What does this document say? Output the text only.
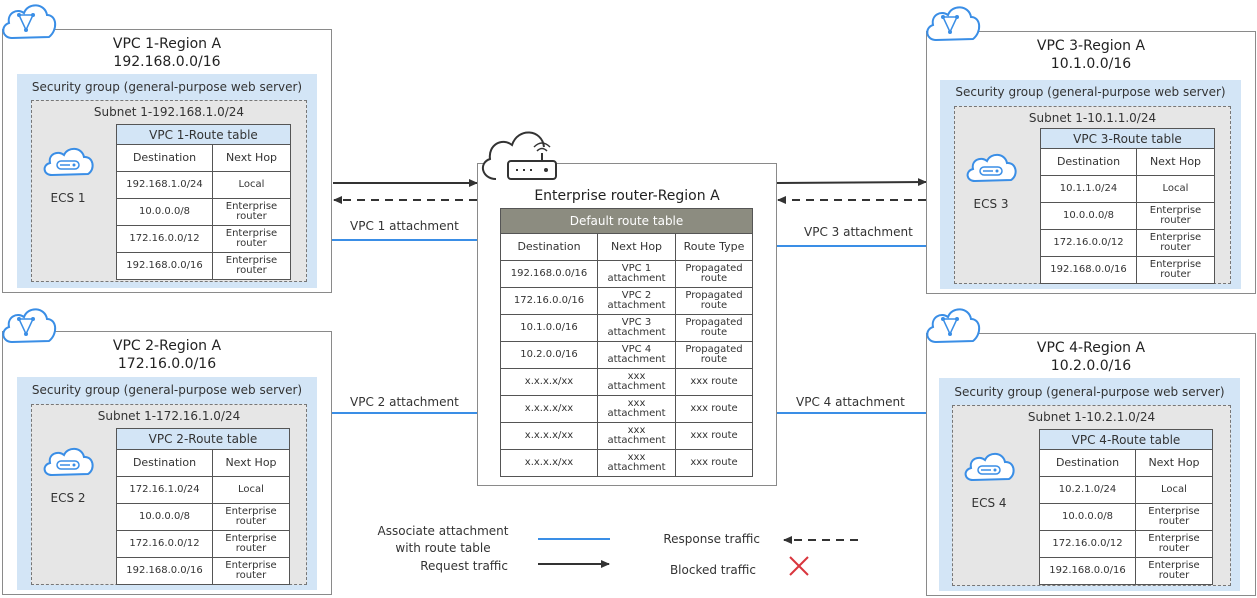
VPC 1-Region A
192.168.0.0/16
Security group (general-purpose web server)
Subnet 1-192.168.1.0/24
ECS 1
VPC 1-Route table	
Destination	Next Hop
192.168.1.0/24	Local
10.0.0.0/8	Enterprise router
172.16.0.0/12	Enterprise router
192.168.0.0/16	Enterprise router
VPC 2-Region A
172.16.0.0/16
Security group (general-purpose web server)
Subnet 1-172.16.1.0/24
ECS 2
VPC 2-Route table	
Destination	Next Hop
172.16.1.0/24	Local
10.0.0.0/8	Enterprise router
172.16.0.0/12	Enterprise router
192.168.0.0/16	Enterprise router
VPC 3-Region A
10.1.0.0/16
Security group (general-purpose web server)
Subnet 1-10.1.1.0/24
ECS 3
VPC 3-Route table	
Destination	Next Hop
10.1.1.0/24	Local
10.0.0.0/8	Enterprise router
172.16.0.0/12	Enterprise router
192.168.0.0/16	Enterprise router
VPC 4-Region A
10.2.0.0/16
Security group (general-purpose web server)
Subnet 1-10.2.1.0/24
ECS 4
VPC 4-Route table	
Destination	Next Hop
10.2.1.0/24	Local
10.0.0.0/8	Enterprise router
172.16.0.0/12	Enterprise router
192.168.0.0/16	Enterprise router
Enterprise router-Region A
Default route table		
Destination	Next Hop	Route Type
192.168.0.0/16	VPC 1 attachment	Propagated route
172.16.0.0/16	VPC 2 attachment	Propagated route
10.1.0.0/16	VPC 3 attachment	Propagated route
10.2.0.0/16	VPC 4 attachment	Propagated route
x.x.x.x/xx	xxx attachment	xxx route
x.x.x.x/xx	xxx attachment	xxx route
x.x.x.x/xx	xxx attachment	xxx route
x.x.x.x/xx	xxx attachment	xxx route
VPC 1 attachment
VPC 2 attachment
VPC 3 attachment
VPC 4 attachment
Associate attachment
with route table
Request traffic
Response traffic
Blocked traffic
